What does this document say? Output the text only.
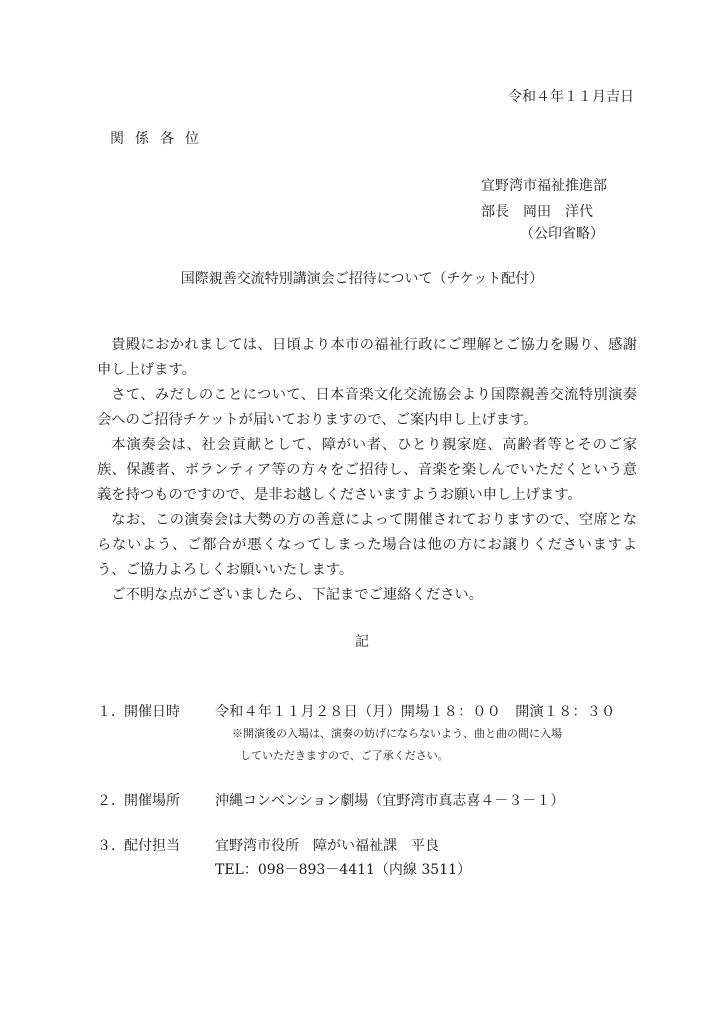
令和４年１１月吉日
関係各位
宜野湾市福祉推進部
部長　岡田　洋代
（公印省略）
国際親善交流特別講演会ご招待について（チケット配付）

貴殿におかれましては、日頃より本市の福祉行政にご理解とご協力を賜り、感謝申し上げます。

さて、みだしのことについて、日本音楽文化交流協会より国際親善交流特別演奏会へのご招待チケットが届いておりますので、ご案内申し上げます。

本演奏会は、社会貢献として、障がい者、ひとり親家庭、高齢者等とそのご家族、保護者、ボランティア等の方々をご招待し、音楽を楽しんでいただくという意義を持つものですので、是非お越しくださいますようお願い申し上げます。

なお、この演奏会は大勢の方の善意によって開催されておりますので、空席とならないよう、ご都合が悪くなってしまった場合は他の方にお譲りくださいますよう、ご協力よろしくお願いいたします。

ご不明な点がございましたら、下記までご連絡ください。

記
１． 開催日時	令和４年１１月２８日（月）開場１８：００　開演１８：３０
※開演後の入場は、演奏の妨げにならないよう、曲と曲の間に入場
していただきますので、ご了承ください。
２． 開催場所	沖縄コンベンション劇場（宜野湾市真志喜４－３－１）
３． 配付担当	宜野湾市役所　障がい福祉課　平良
TEL：098－893－4411（内線 3511）
